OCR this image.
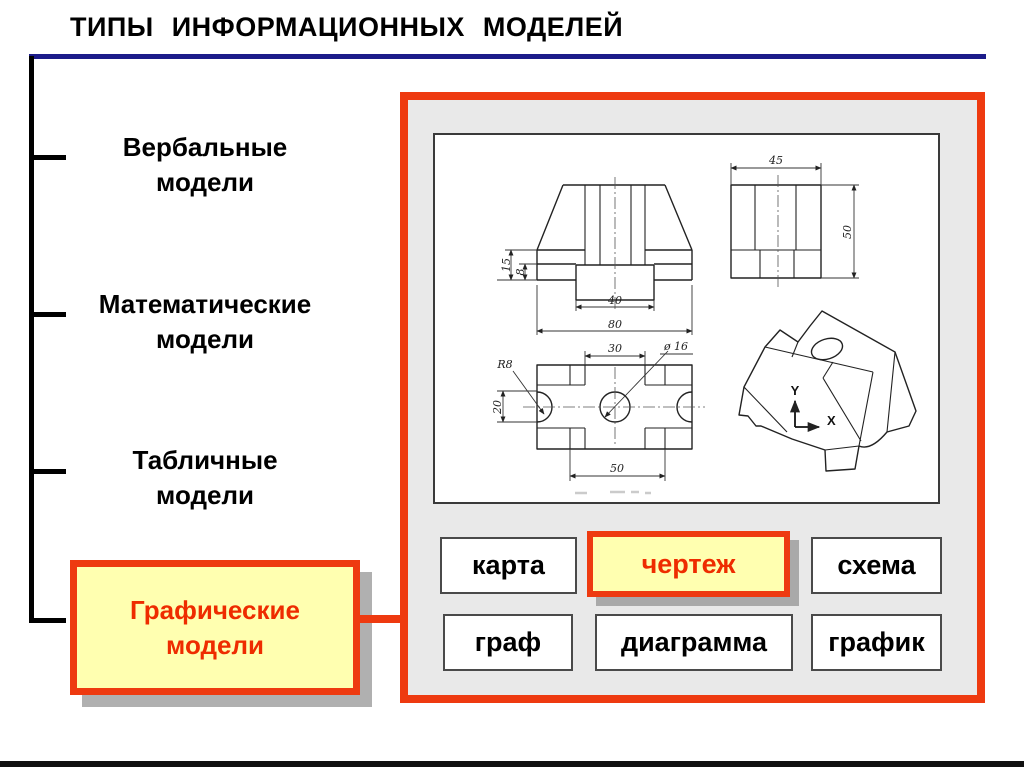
ТИПЫ ИНФОРМАЦИОННЫХ МОДЕЛЕЙ
Вербальные
модели
Математические
модели
Табличные
модели
Графические
модели
15 8
40
80
45
50
R8
20
30	ø 16
50
Y
X
карта	чертеж	схема
граф	диаграмма	график
